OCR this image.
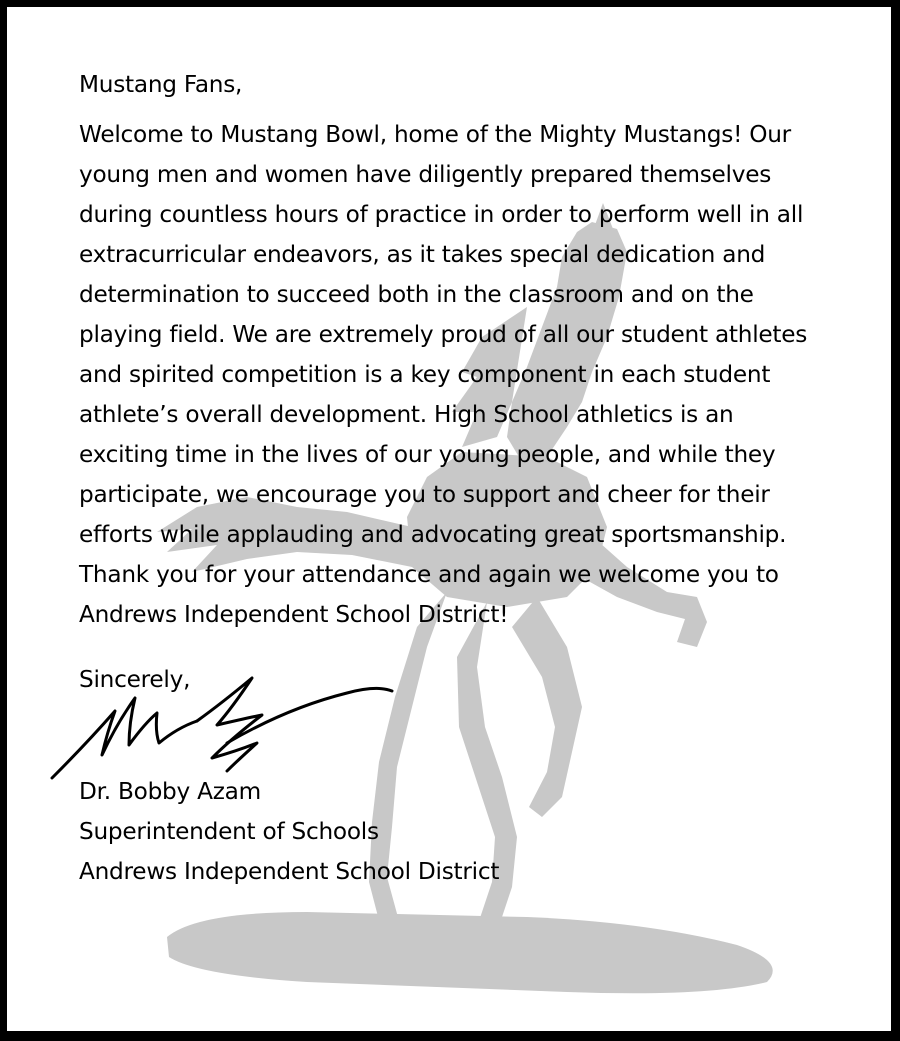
Mustang Fans,
Welcome to Mustang Bowl, home of the Mighty Mustangs! Our
young men and women have diligently prepared themselves
during countless hours of practice in order to perform well in all
extracurricular endeavors, as it takes special dedication and
determination to succeed both in the classroom and on the
playing field. We are extremely proud of all our student athletes
and spirited competition is a key component in each student
athlete’s overall development. High School athletics is an
exciting time in the lives of our young people, and while they
participate, we encourage you to support and cheer for their
efforts while applauding and advocating great sportsmanship.
Thank you for your attendance and again we welcome you to
Andrews Independent School District!
Sincerely,
Dr. Bobby Azam
Superintendent of Schools
Andrews Independent School District
